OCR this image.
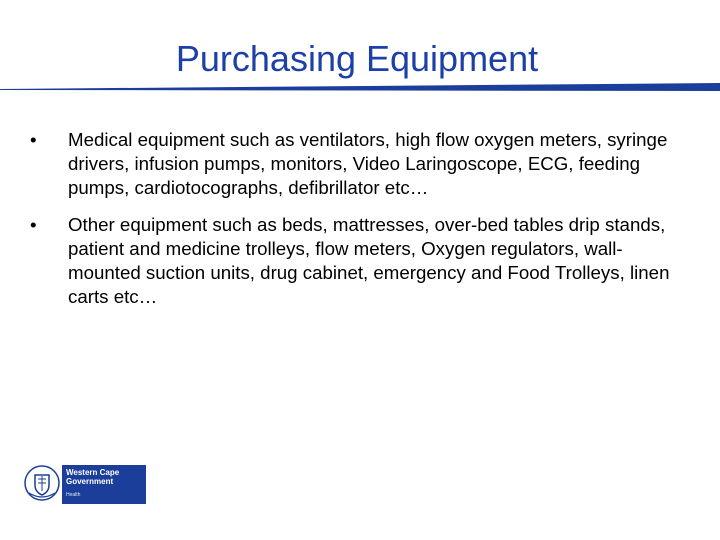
Purchasing Equipment
•	Medical equipment such as ventilators, high flow oxygen meters, syringe drivers, infusion pumps, monitors, Video Laringoscope, ECG, feeding pumps, cardiotocographs, defibrillator etc…
•	Other equipment such as beds, mattresses, over-bed tables drip stands, patient and medicine trolleys, flow meters, Oxygen regulators, wall-mounted suction units, drug cabinet, emergency and Food Trolleys, linen carts etc…
Western Cape
Government
Health
